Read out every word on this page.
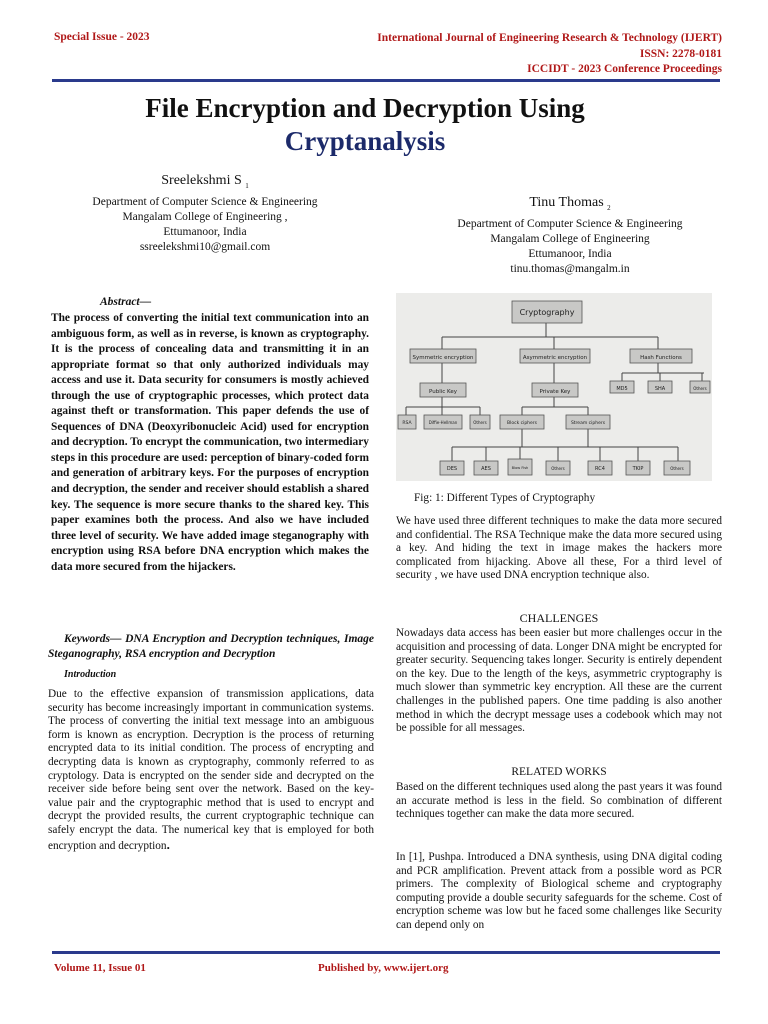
Special Issue - 2023	International Journal of Engineering Research & Technology (IJERT)
ISSN: 2278-0181
ICCIDT - 2023 Conference Proceedings
File Encryption and Decryption Using
Cryptanalysis
Sreelekshmi S $_1$
Department of Computer Science & Engineering
Mangalam College of Engineering ,
Ettumanoor, India
ssreelekshmi10@gmail.com
Tinu Thomas $_2$
Department of Computer Science & Engineering
Mangalam College of Engineering
Ettumanoor, India
tinu.thomas@mangalm.in
Abstract—
The process of converting the initial text communication into an ambiguous form, as well as in reverse, is known as cryptography. It is the process of concealing data and transmitting it in an appropriate format so that only authorized individuals may access and use it. Data security for consumers is mostly achieved through the use of cryptographic processes, which protect data against theft or transformation. This paper defends the use of Sequences of DNA (Deoxyribonucleic Acid) used for encryption and decryption. To encrypt the communication, two intermediary steps in this procedure are used: perception of binary-coded form and generation of arbitrary keys. For the purposes of encryption and decryption, the sender and receiver should establish a shared key. The sequence is more secure thanks to the shared key. This paper examines both the process. And also we have included three level of security. We have added image steganography with encryption using RSA before DNA encryption which makes the data more secured from the hijackers.
Keywords— DNA Encryption and Decryption techniques, Image Steganography, RSA encryption and Decryption
Introduction
Due to the effective expansion of transmission applications, data security has become increasingly important in communication systems. The process of converting the initial text message into an ambiguous form is known as encryption. Decryption is the process of returning encrypted data to its initial condition. The process of encrypting and decrypting data is known as cryptography, commonly referred to as cryptology. Data is encrypted on the sender side and decrypted on the receiver side before being sent over the network. Based on the key-value pair and the cryptographic method that is used to encrypt and decrypt the provided results, the current cryptographic technique can safely encrypt the data. The numerical key that is employed for both encryption and decryption.
Cryptography
Symmetric encryption	Asymmetric encryption	Hash Functions
Public Key	Private Key	MD5	SHA	Others
RSA	Diffie-Hellman	Others	Block ciphers	Stream ciphers
DES	AES	Blow Fish	Others	RC4	TKIP	Others
Fig: 1: Different Types of Cryptography
We have used three different techniques to make the data more secured and confidential. The RSA Technique make the data more secured using a key. And hiding the text in image makes the hackers more complicated from hijacking. Above all these, For a third level of security , we have used DNA encryption technique also.
CHALLENGES
Nowadays data access has been easier but more challenges occur in the acquisition and processing of data. Longer DNA might be encrypted for greater security. Sequencing takes longer. Security is entirely dependent on the key. Due to the length of the keys, asymmetric cryptography is much slower than symmetric key encryption. All these are the current challenges in the published papers. One time padding is also another method in which the decrypt message uses a codebook which may not be possible for all messages.
RELATED WORKS
Based on the different techniques used along the past years it was found an accurate method is less in the field. So combination of different techniques together can make the data more secured.
In [1], Pushpa. Introduced a DNA synthesis, using DNA digital coding and PCR amplification. Prevent attack from a possible word as PCR primers. The complexity of Biological scheme and cryptography computing provide a double security safeguards for the scheme. Cost of encryption scheme was low but he faced some challenges like Security can depend only on
Volume 11, Issue 01	Published by, www.ijert.org
